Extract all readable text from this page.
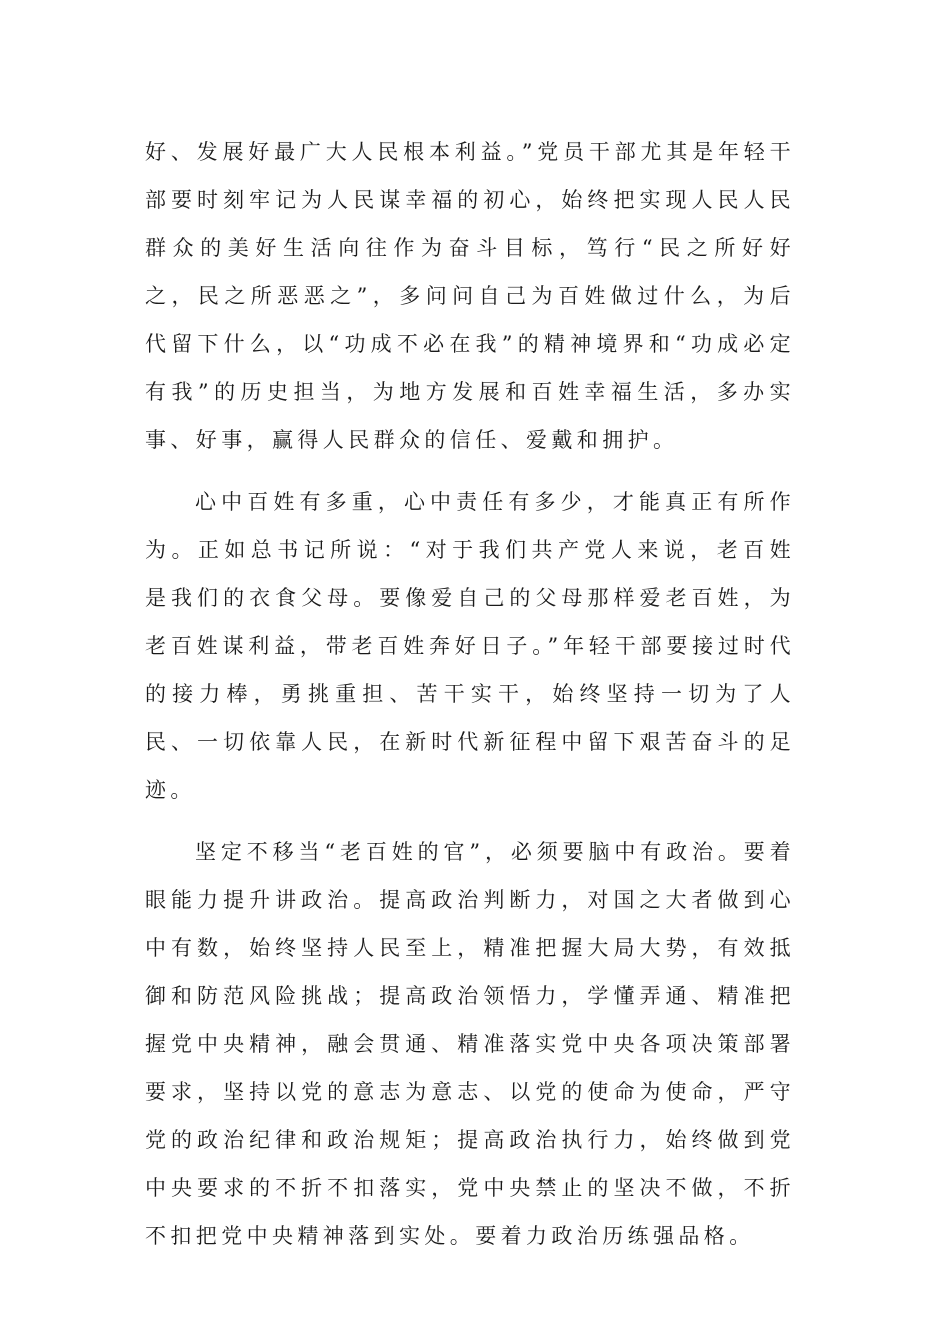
好、发展好最广大人民根本利益。”党员干部尤其是年轻干部要时刻牢记为人民谋幸福的初心，始终把实现人民人民群众的美好生活向往作为奋斗目标，笃行“民之所好好之，民之所恶恶之”，多问问自己为百姓做过什么，为后代留下什么，以“功成不必在我”的精神境界和“功成必定有我”的历史担当，为地方发展和百姓幸福生活，多办实事、好事，赢得人民群众的信任、爱戴和拥护。

心中百姓有多重，心中责任有多少，才能真正有所作为。正如总书记所说：“对于我们共产党人来说，老百姓是我们的衣食父母。要像爱自己的父母那样爱老百姓，为老百姓谋利益，带老百姓奔好日子。”年轻干部要接过时代的接力棒，勇挑重担、苦干实干，始终坚持一切为了人民、一切依靠人民，在新时代新征程中留下艰苦奋斗的足迹。

坚定不移当“老百姓的官”，必须要脑中有政治。要着眼能力提升讲政治。提高政治判断力，对国之大者做到心中有数，始终坚持人民至上，精准把握大局大势，有效抵御和防范风险挑战；提高政治领悟力，学懂弄通、精准把握党中央精神，融会贯通、精准落实党中央各项决策部署要求，坚持以党的意志为意志、以党的使命为使命，严守党的政治纪律和政治规矩；提高政治执行力，始终做到党中央要求的不折不扣落实，党中央禁止的坚决不做，不折不扣把党中央精神落到实处。要着力政治历练强品格。
